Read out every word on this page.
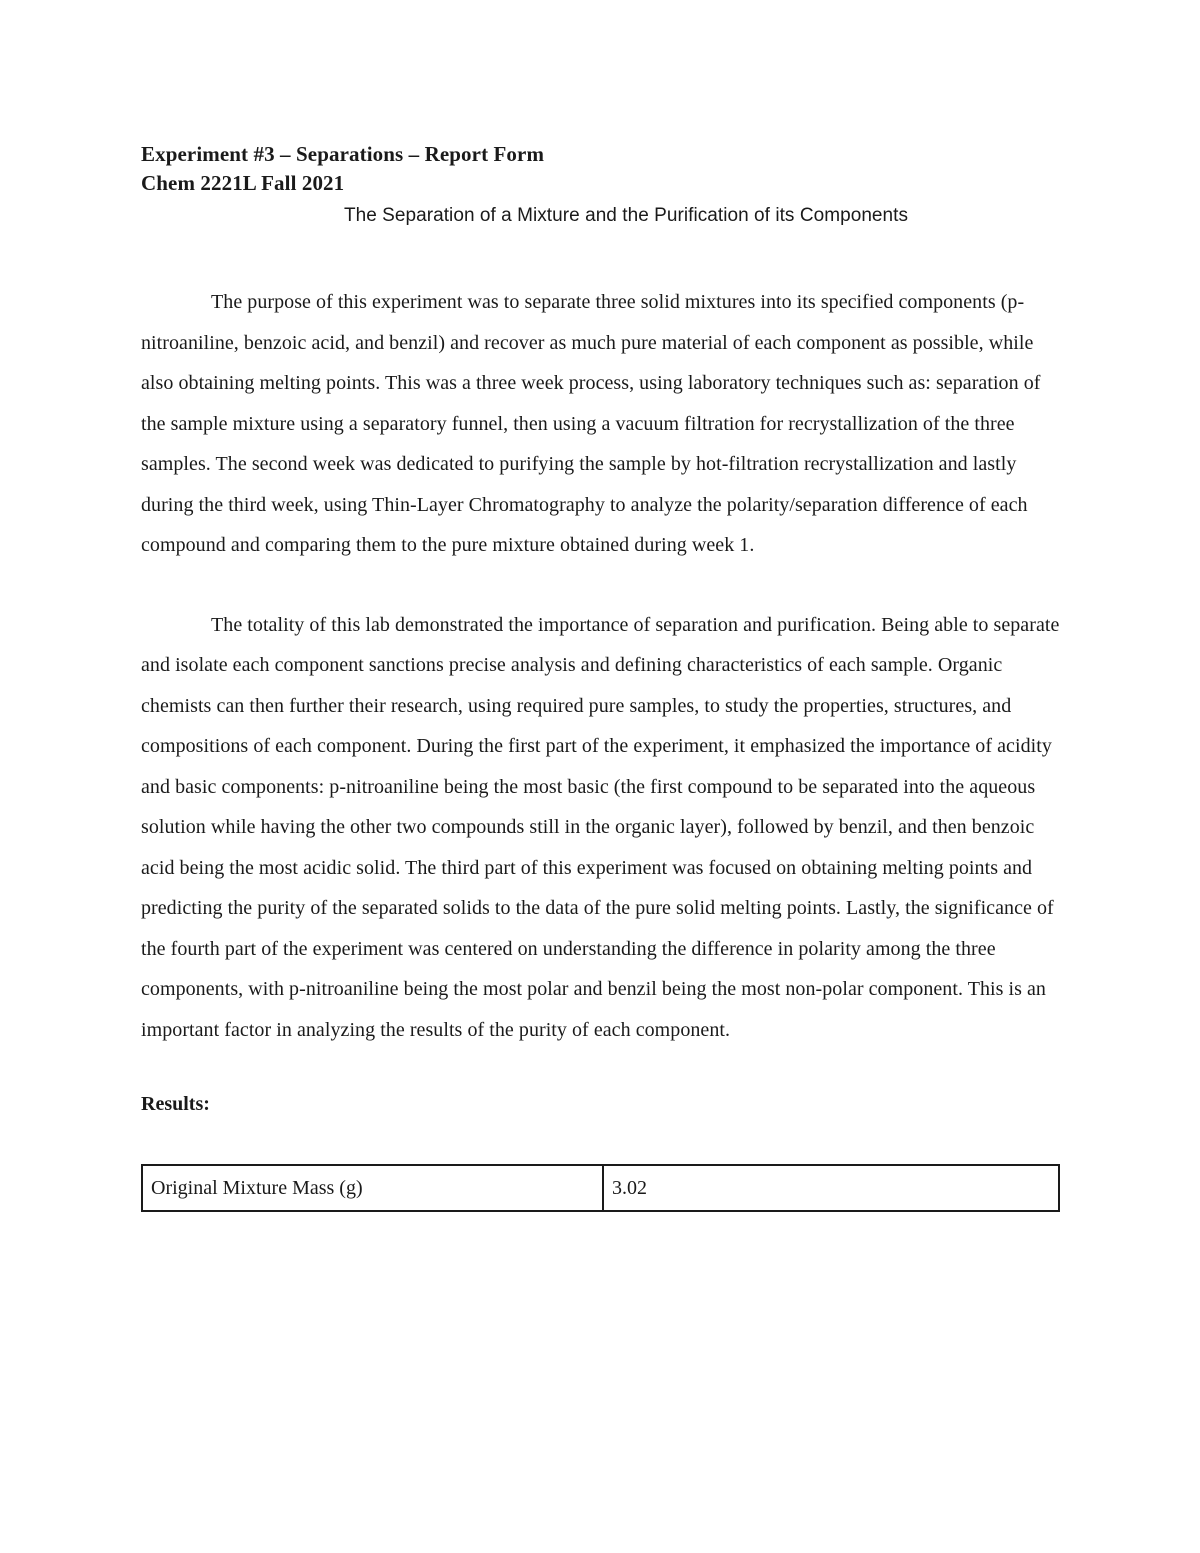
Experiment #3 – Separations – Report Form

Chem 2221L Fall 2021

The Separation of a Mixture and the Purification of its Components

The purpose of this experiment was to separate three solid mixtures into its specified components (p-nitroaniline, benzoic acid, and benzil) and recover as much pure material of each component as possible, while also obtaining melting points. This was a three week process, using laboratory techniques such as: separation of the sample mixture using a separatory funnel, then using a vacuum filtration for recrystallization of the three samples. The second week was dedicated to purifying the sample by hot-filtration recrystallization and lastly during the third week, using Thin-Layer Chromatography to analyze the polarity/separation difference of each compound and comparing them to the pure mixture obtained during week 1.

The totality of this lab demonstrated the importance of separation and purification. Being able to separate and isolate each component sanctions precise analysis and defining characteristics of each sample. Organic chemists can then further their research, using required pure samples, to study the properties, structures, and compositions of each component. During the first part of the experiment, it emphasized the importance of acidity and basic components: p-nitroaniline being the most basic (the first compound to be separated into the aqueous solution while having the other two compounds still in the organic layer), followed by benzil, and then benzoic acid being the most acidic solid. The third part of this experiment was focused on obtaining melting points and predicting the purity of the separated solids to the data of the pure solid melting points. Lastly, the significance of the fourth part of the experiment was centered on understanding the difference in polarity among the three components, with p-nitroaniline being the most polar and benzil being the most non-polar component. This is an important factor in analyzing the results of the purity of each component.

Results:

Original Mixture Mass (g)	3.02
